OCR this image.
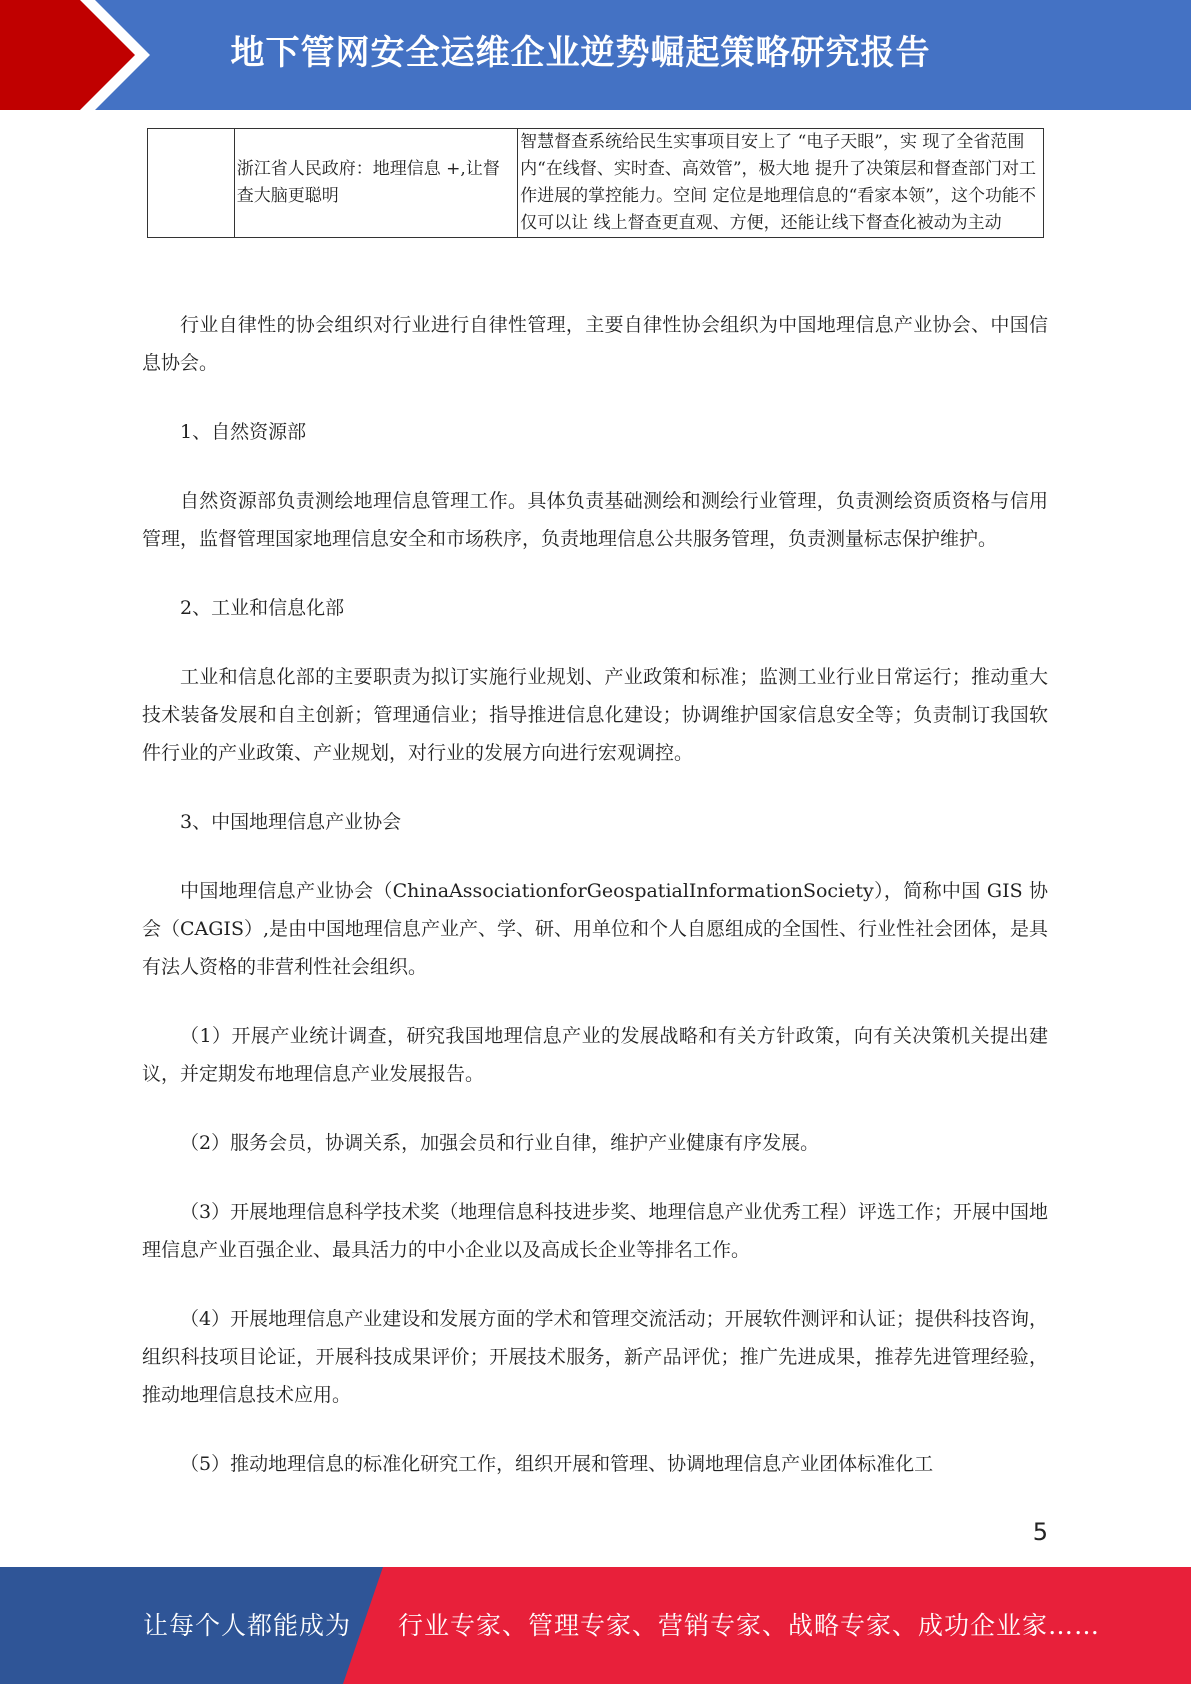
地下管网安全运维企业逆势崛起策略研究报告
	浙江省人民政府：地理信息 +,让督查大脑更聪明	智慧督查系统给民生实事项目安上了 “电子天眼”，实 现了全省范围内“在线督、实时查、高效管”，极大地 提升了决策层和督查部门对工作进展的掌控能力。空间 定位是地理信息的“看家本领”，这个功能不仅可以让 线上督查更直观、方便，还能让线下督查化被动为主动

行业自律性的协会组织对行业进行自律性管理，主要自律性协会组织为中国地理信息产业协会、中国信息协会。

1、自然资源部

自然资源部负责测绘地理信息管理工作。具体负责基础测绘和测绘行业管理，负责测绘资质资格与信用管理，监督管理国家地理信息安全和市场秩序，负责地理信息公共服务管理，负责测量标志保护维护。

2、工业和信息化部

工业和信息化部的主要职责为拟订实施行业规划、产业政策和标准；监测工业行业日常运行；推动重大技术装备发展和自主创新；管理通信业；指导推进信息化建设；协调维护国家信息安全等；负责制订我国软件行业的产业政策、产业规划，对行业的发展方向进行宏观调控。

3、中国地理信息产业协会

中国地理信息产业协会（ChinaAssociationforGeospatialInformationSociety），简称中国 GIS 协会（CAGIS）,是由中国地理信息产业产、学、研、用单位和个人自愿组成的全国性、行业性社会团体，是具有法人资格的非营利性社会组织。

（1）开展产业统计调查，研究我国地理信息产业的发展战略和有关方针政策，向有关决策机关提出建议，并定期发布地理信息产业发展报告。

（2）服务会员，协调关系，加强会员和行业自律，维护产业健康有序发展。

（3）开展地理信息科学技术奖（地理信息科技进步奖、地理信息产业优秀工程）评选工作；开展中国地理信息产业百强企业、最具活力的中小企业以及高成长企业等排名工作。

（4）开展地理信息产业建设和发展方面的学术和管理交流活动；开展软件测评和认证；提供科技咨询，组织科技项目论证，开展科技成果评价；开展技术服务，新产品评优；推广先进成果，推荐先进管理经验，推动地理信息技术应用。

（5）推动地理信息的标准化研究工作，组织开展和管理、协调地理信息产业团体标准化工

5
让每个人都能成为 行业专家、管理专家、营销专家、战略专家、成功企业家……
